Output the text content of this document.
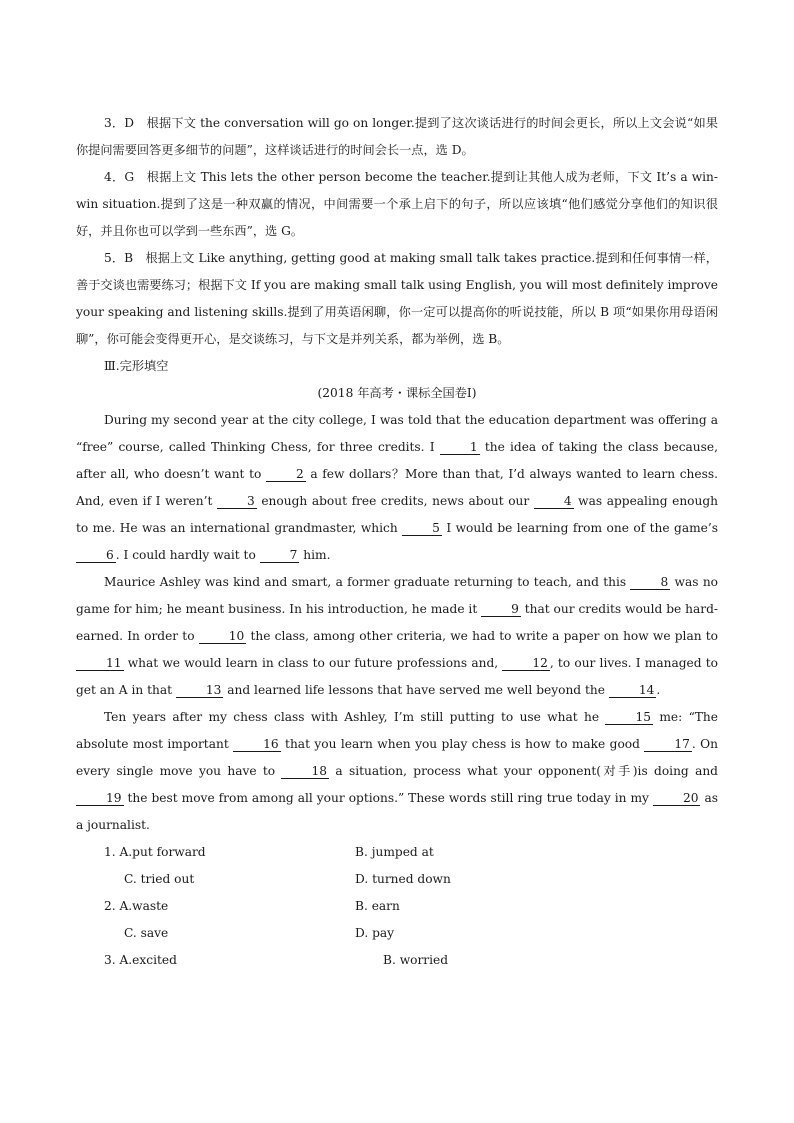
3．D　根据下文 the conversation will go on longer.提到了这次谈话进行的时间会更长，所以上文会说“如果你提问需要回答更多细节的问题”，这样谈话进行的时间会长一点，选 D。

4．G　根据上文 This lets the other person become the teacher.提到让其他人成为老师，下文 It’s a win-win situation.提到了这是一种双赢的情况，中间需要一个承上启下的句子，所以应该填“他们感觉分享他们的知识很好，并且你也可以学到一些东西”，选 G。

5．B　根据上文 Like anything, getting good at making small talk takes practice.提到和任何事情一样，善于交谈也需要练习；根据下文 If you are making small talk using English, you will most definitely improve your speaking and listening skills.提到了用英语闲聊，你一定可以提高你的听说技能，所以 B 项“如果你用母语闲聊”，你可能会变得更开心，是交谈练习，与下文是并列关系，都为举例，选 B。

Ⅲ.完形填空

(2018 年高考・课标全国卷Ⅰ)

During my second year at the city college, I was told that the education department was offering a “free” course, called Thinking Chess, for three credits. I 1 the idea of taking the class because, after all, who doesn’t want to 2 a few dollars？More than that, I’d always wanted to learn chess. And, even if I weren’t 3 enough about free credits, news about our 4 was appealing enough to me. He was an international grandmaster, which 5 I would be learning from one of the game’s 6 . I could hardly wait to 7 him.

Maurice Ashley was kind and smart, a former graduate returning to teach, and this 8 was no game for him; he meant business. In his introduction, he made it 9 that our credits would be hard-earned. In order to 10 the class, among other criteria, we had to write a paper on how we plan to 11 what we would learn in class to our future professions and, 12 , to our lives. I managed to get an A in that 13 and learned life lessons that have served me well beyond the 14 .

Ten years after my chess class with Ashley, I’m still putting to use what he 15 me: “The absolute most important 16 that you learn when you play chess is how to make good 17 . On every single move you have to 18 a situation, process what your opponent(对手)is doing and 19 the best move from among all your options.” These words still ring true today in my 20 as a journalist.

1. A.put forward	B. jumped at
C. tried out	D. turned down
2. A.waste	B. earn
C. save	D. pay
3. A.excited	B. worried
